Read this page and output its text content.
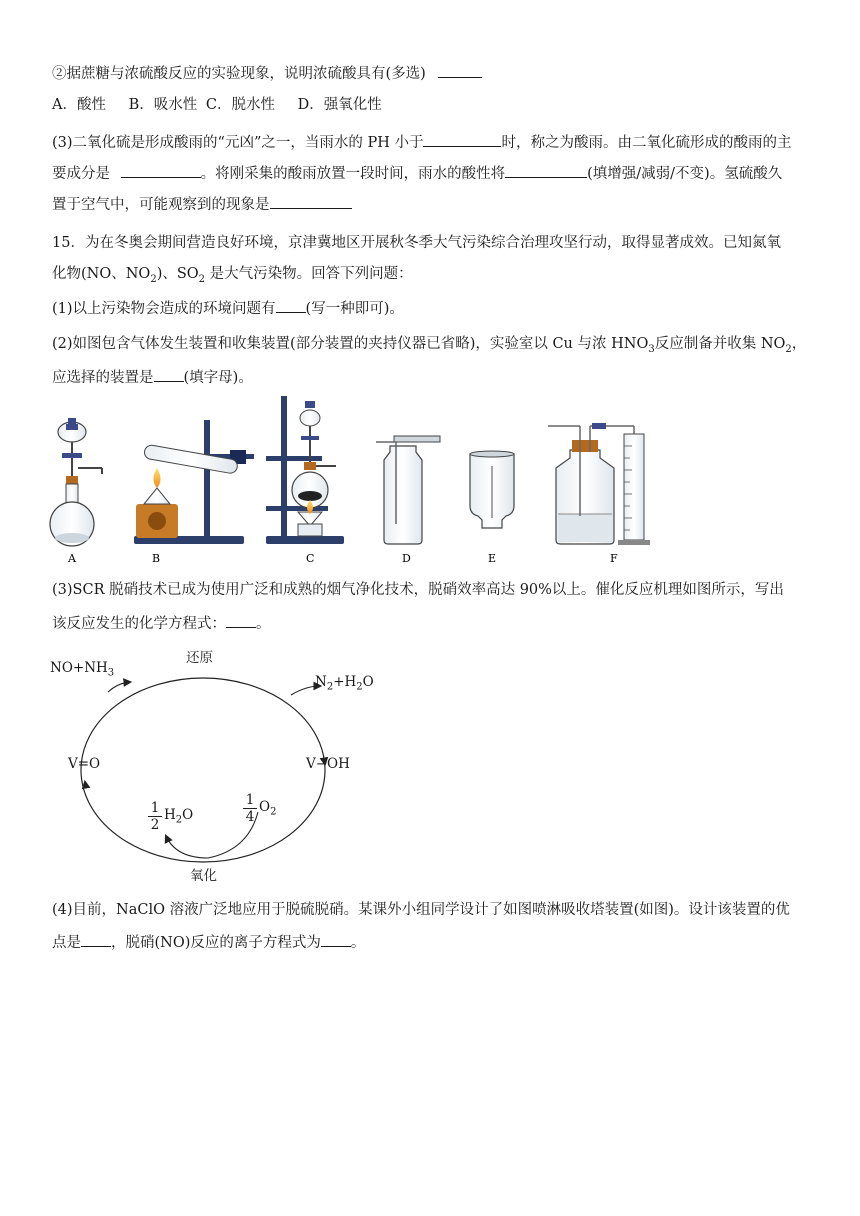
②据蔗糖与浓硫酸反应的实验现象，说明浓硫酸具有(多选)
A．酸性 B．吸水性 C．脱水性 D．强氧化性
(3)二氧化硫是形成酸雨的“元凶”之一，当雨水的 PH 小于	时，称之为酸雨。由二氧化硫形成的酸雨的主
要成分是	。将刚采集的酸雨放置一段时间，雨水的酸性将	(填增强/减弱/不变)。氢硫酸久
置于空气中，可能观察到的现象是
15．为在冬奥会期间营造良好环境，京津冀地区开展秋冬季大气污染综合治理攻坚行动，取得显著成效。已知氮氧
化物(NO、$NO_2$)、$SO_2$ 是大气污染物。回答下列问题：
(1)以上污染物会造成的环境问题有 (写一种即可)。
(2)如图包含气体发生装置和收集装置(部分装置的夹持仪器已省略)，实验室以 Cu 与浓 $HNO_3$反应制备并收集 $NO_2$，
应选择的装置是 (填字母)。
B	C	D	E	F
A
(3)SCR 脱硝技术已成为使用广泛和成熟的烟气净化技术，脱硝效率高达 90%以上。催化反应机理如图所示，写出
该反应发生的化学方程式： 。
还原
$NO+NH_3$
$N_2+H_2O$
V=O	V−OH
$\frac{1}{2} H_2O$	$\frac{1}{4} O_2$
氧化
(4)目前，NaClO 溶液广泛地应用于脱硫脱硝。某课外小组同学设计了如图喷淋吸收塔装置(如图)。设计该装置的优
点是 ，脱硝(NO)反应的离子方程式为 。
